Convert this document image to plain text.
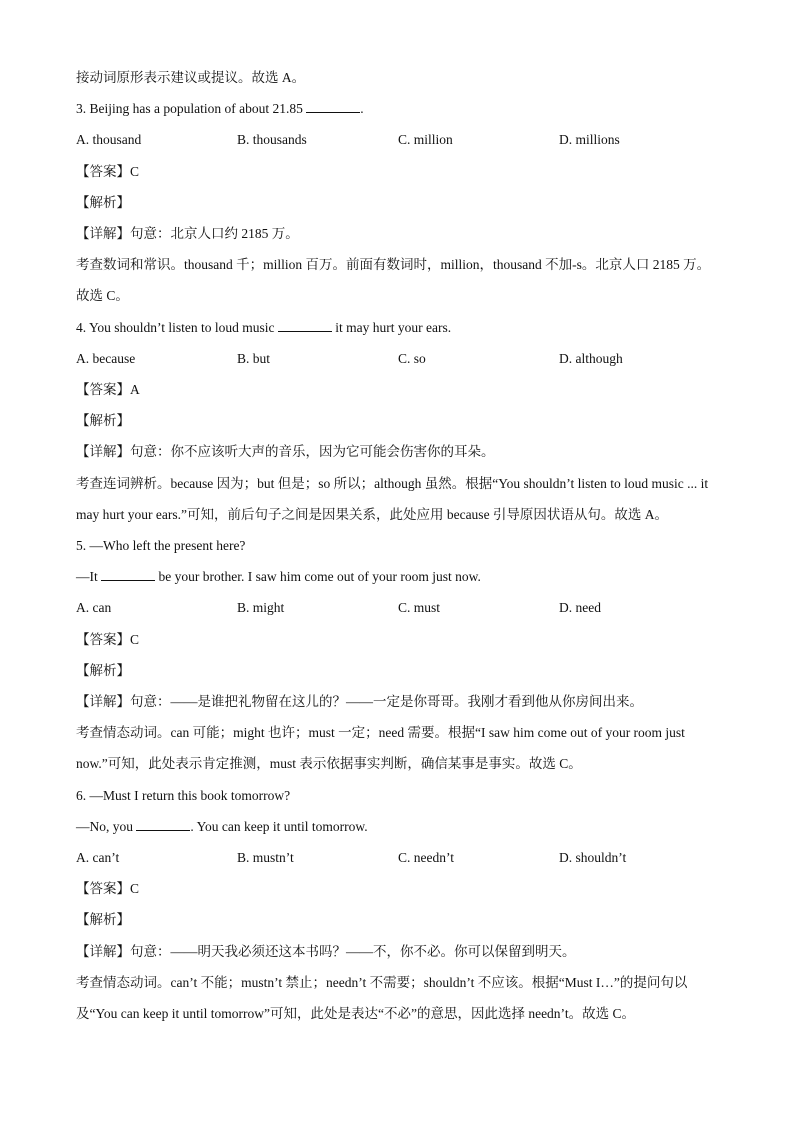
接动词原形表示建议或提议。故选 A。
3. Beijing has a population of about 21.85	.
A. thousand	B. thousands	C. million	D. millions
【答案】C
【解析】
【详解】句意：北京人口约 2185 万。
考查数词和常识。thousand 千；million 百万。前面有数词时，million，thousand 不加-s。北京人口 2185 万。故选 C。
4. You shouldn’t listen to loud music	it may hurt your ears.
A. because	B. but	C. so	D. although
【答案】A
【解析】
【详解】句意：你不应该听大声的音乐，因为它可能会伤害你的耳朵。
考查连词辨析。because 因为；but 但是；so 所以；although 虽然。根据“You shouldn’t listen to loud music ... it may hurt your ears.”可知，前后句子之间是因果关系，此处应用 because 引导原因状语从句。故选 A。
5. —Who left the present here?
—It	be your brother. I saw him come out of your room just now.
A. can	B. might	C. must	D. need
【答案】C
【解析】
【详解】句意：——是谁把礼物留在这儿的？——一定是你哥哥。我刚才看到他从你房间出来。
考查情态动词。can 可能；might 也许；must 一定；need 需要。根据“I saw him come out of your room just now.”可知，此处表示肯定推测，must 表示依据事实判断，确信某事是事实。故选 C。
6. —Must I return this book tomorrow?
—No, you	. You can keep it until tomorrow.
A. can’t	B. mustn’t	C. needn’t	D. shouldn’t
【答案】C
【解析】
【详解】句意：——明天我必须还这本书吗？——不，你不必。你可以保留到明天。
考查情态动词。can’t 不能；mustn’t 禁止；needn’t 不需要；shouldn’t 不应该。根据“Must I…”的提问句以及“You can keep it until tomorrow”可知，此处是表达“不必”的意思，因此选择 needn’t。故选 C。
